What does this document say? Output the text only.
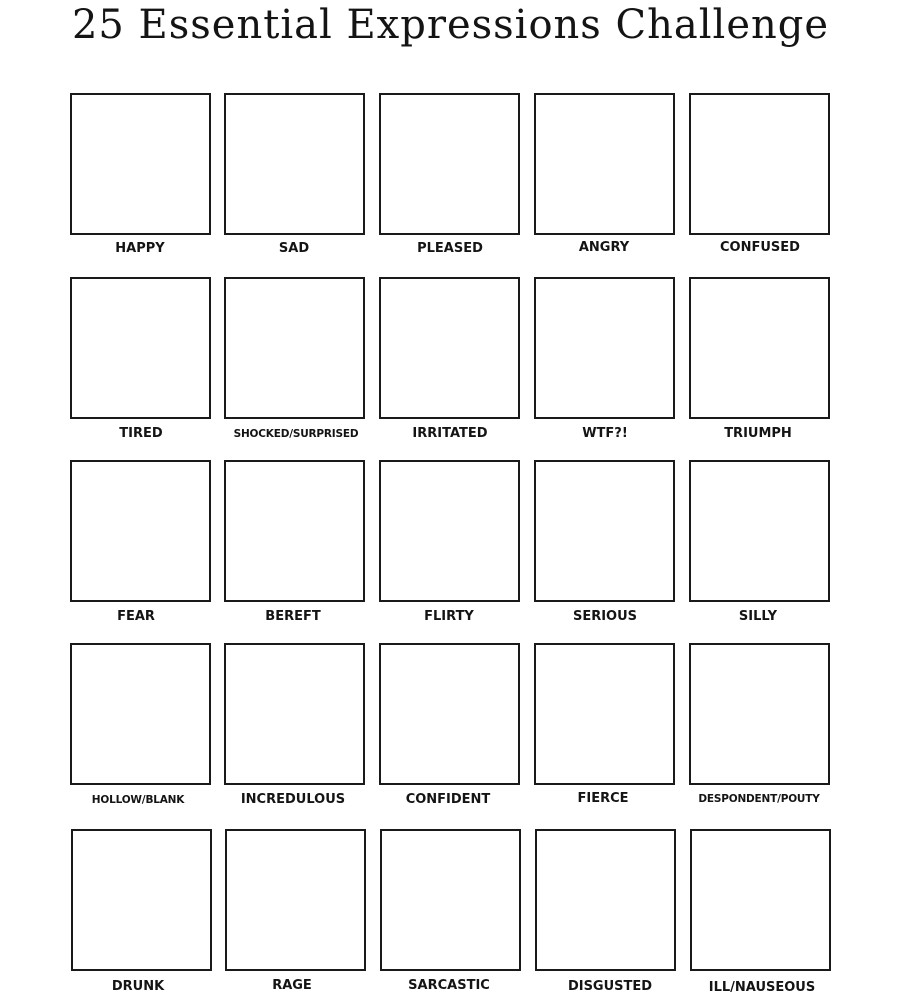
25 Essential Expressions Challenge
HAPPY	SAD	PLEASED	ANGRY	CONFUSED
TIRED	SHOCKED/SURPRISED	IRRITATED	WTF?!	TRIUMPH
FEAR	BEREFT	FLIRTY	SERIOUS	SILLY
HOLLOW/BLANK	INCREDULOUS	CONFIDENT	FIERCE	DESPONDENT/POUTY
DRUNK	RAGE	SARCASTIC	DISGUSTED	ILL/NAUSEOUS
